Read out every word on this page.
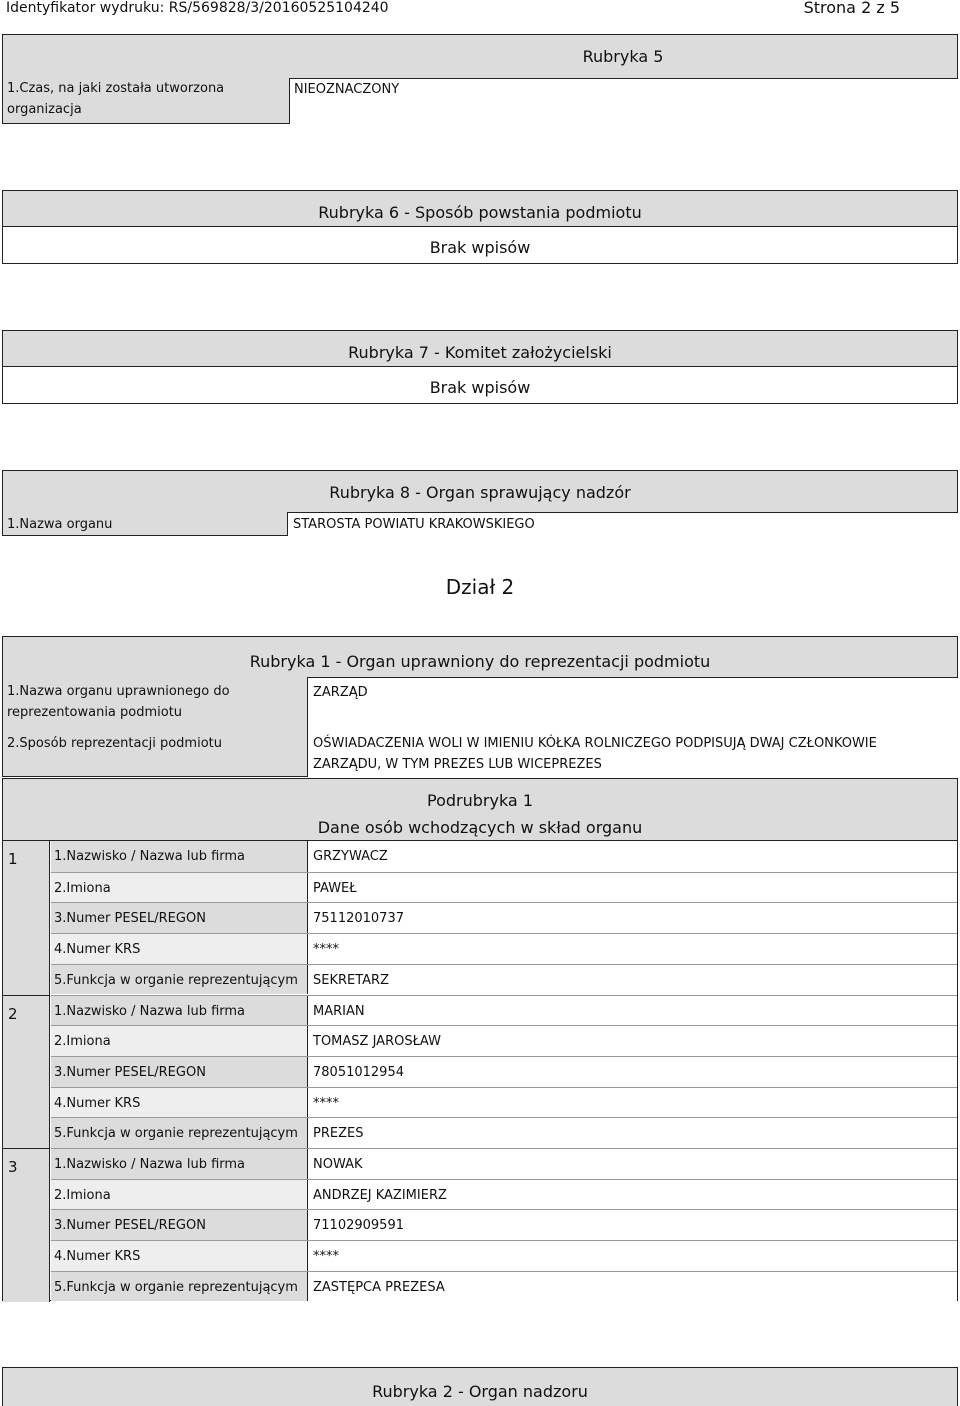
Identyfikator wydruku: RS/569828/3/20160525104240	Strona 2 z 5
Rubryka 5
1.Czas, na jaki została utworzona organizacja
NIEOZNACZONY
Rubryka 6 - Sposób powstania podmiotu
Brak wpisów
Rubryka 7 - Komitet założycielski
Brak wpisów
Rubryka 8 - Organ sprawujący nadzór
1.Nazwa organu	STAROSTA POWIATU KRAKOWSKIEGO
Dział 2
Rubryka 1 - Organ uprawniony do reprezentacji podmiotu
1.Nazwa organu uprawnionego do reprezentowania podmiotu
ZARZĄD
2.Sposób reprezentacji podmiotu	OŚWIADACZENIA WOLI W IMIENIU KÓŁKA ROLNICZEGO PODPISUJĄ DWAJ CZŁONKOWIE ZARZĄDU, W TYM PREZES LUB WICEPREZES
Podrubryka 1
Dane osób wchodzących w skład organu
1	1.Nazwisko / Nazwa lub firma	GRZYWACZ
2.Imiona	PAWEŁ
3.Numer PESEL/REGON	75112010737
4.Numer KRS	****
5.Funkcja w organie reprezentującym	SEKRETARZ
2	1.Nazwisko / Nazwa lub firma	MARIAN
2.Imiona	TOMASZ JAROSŁAW
3.Numer PESEL/REGON	78051012954
4.Numer KRS	****
5.Funkcja w organie reprezentującym	PREZES
3	1.Nazwisko / Nazwa lub firma	NOWAK
2.Imiona	ANDRZEJ KAZIMIERZ
3.Numer PESEL/REGON	71102909591
4.Numer KRS	****
5.Funkcja w organie reprezentującym	ZASTĘPCA PREZESA
Rubryka 2 - Organ nadzoru
